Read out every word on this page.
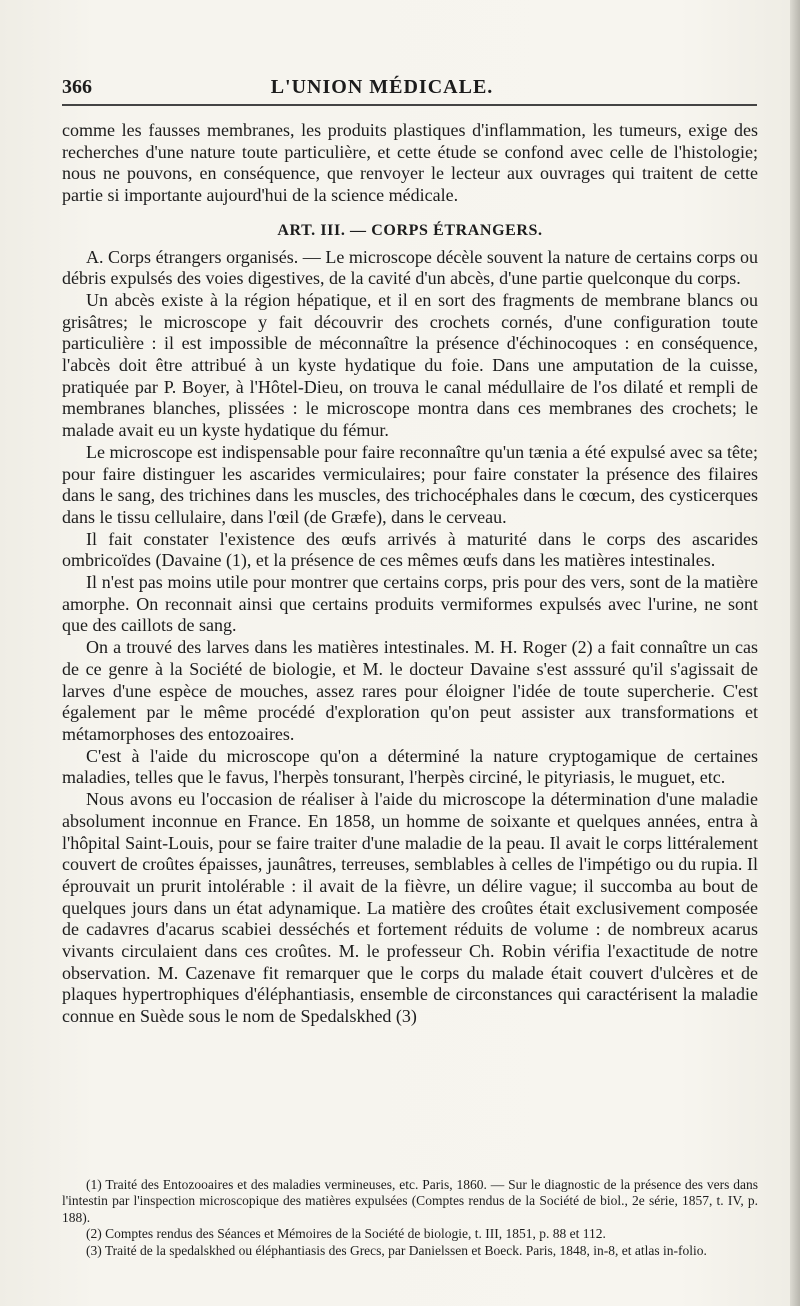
366	L'UNION MÉDICALE.

comme les fausses membranes, les produits plastiques d'inflammation, les tumeurs, exige des recherches d'une nature toute particulière, et cette étude se confond avec celle de l'histologie; nous ne pouvons, en conséquence, que renvoyer le lecteur aux ouvrages qui traitent de cette partie si importante aujourd'hui de la science médicale.

ART. III. — CORPS ÉTRANGERS.

A. Corps étrangers organisés. — Le microscope décèle souvent la nature de certains corps ou débris expulsés des voies digestives, de la cavité d'un abcès, d'une partie quelconque du corps.

Un abcès existe à la région hépatique, et il en sort des fragments de membrane blancs ou grisâtres; le microscope y fait découvrir des crochets cornés, d'une configuration toute particulière : il est impossible de méconnaître la présence d'échinocoques : en conséquence, l'abcès doit être attribué à un kyste hydatique du foie. Dans une amputation de la cuisse, pratiquée par P. Boyer, à l'Hôtel-Dieu, on trouva le canal médullaire de l'os dilaté et rempli de membranes blanches, plissées : le microscope montra dans ces membranes des crochets; le malade avait eu un kyste hydatique du fémur.

Le microscope est indispensable pour faire reconnaître qu'un tænia a été expulsé avec sa tête; pour faire distinguer les ascarides vermiculaires; pour faire constater la présence des filaires dans le sang, des trichines dans les muscles, des trichocéphales dans le cœcum, des cysticerques dans le tissu cellulaire, dans l'œil (de Græfe), dans le cerveau.

Il fait constater l'existence des œufs arrivés à maturité dans le corps des ascarides ombricoïdes (Davaine (1), et la présence de ces mêmes œufs dans les matières intestinales.

Il n'est pas moins utile pour montrer que certains corps, pris pour des vers, sont de la matière amorphe. On reconnait ainsi que certains produits vermiformes expulsés avec l'urine, ne sont que des caillots de sang.

On a trouvé des larves dans les matières intestinales. M. H. Roger (2) a fait connaître un cas de ce genre à la Société de biologie, et M. le docteur Davaine s'est asssuré qu'il s'agissait de larves d'une espèce de mouches, assez rares pour éloigner l'idée de toute supercherie. C'est également par le même procédé d'exploration qu'on peut assister aux transformations et métamorphoses des entozoaires.

C'est à l'aide du microscope qu'on a déterminé la nature cryptogamique de certaines maladies, telles que le favus, l'herpès tonsurant, l'herpès circiné, le pityriasis, le muguet, etc.

Nous avons eu l'occasion de réaliser à l'aide du microscope la détermination d'une maladie absolument inconnue en France. En 1858, un homme de soixante et quelques années, entra à l'hôpital Saint-Louis, pour se faire traiter d'une maladie de la peau. Il avait le corps littéralement couvert de croûtes épaisses, jaunâtres, terreuses, semblables à celles de l'impétigo ou du rupia. Il éprouvait un prurit intolérable : il avait de la fièvre, un délire vague; il succomba au bout de quelques jours dans un état adynamique. La matière des croûtes était exclusivement composée de cadavres d'acarus scabiei desséchés et fortement réduits de volume : de nombreux acarus vivants circulaient dans ces croûtes. M. le professeur Ch. Robin vérifia l'exactitude de notre observation. M. Cazenave fit remarquer que le corps du malade était couvert d'ulcères et de plaques hypertrophiques d'éléphantiasis, ensemble de circonstances qui caractérisent la maladie connue en Suède sous le nom de Spedalskhed (3)

(1) Traité des Entozooaires et des maladies vermineuses, etc. Paris, 1860. — Sur le diagnostic de la présence des vers dans l'intestin par l'inspection microscopique des matières expulsées (Comptes rendus de la Société de biol., 2e série, 1857, t. IV, p. 188).

(2) Comptes rendus des Séances et Mémoires de la Société de biologie, t. III, 1851, p. 88 et 112.

(3) Traité de la spedalskhed ou éléphantiasis des Grecs, par Danielssen et Boeck. Paris, 1848, in-8, et atlas in-folio.
